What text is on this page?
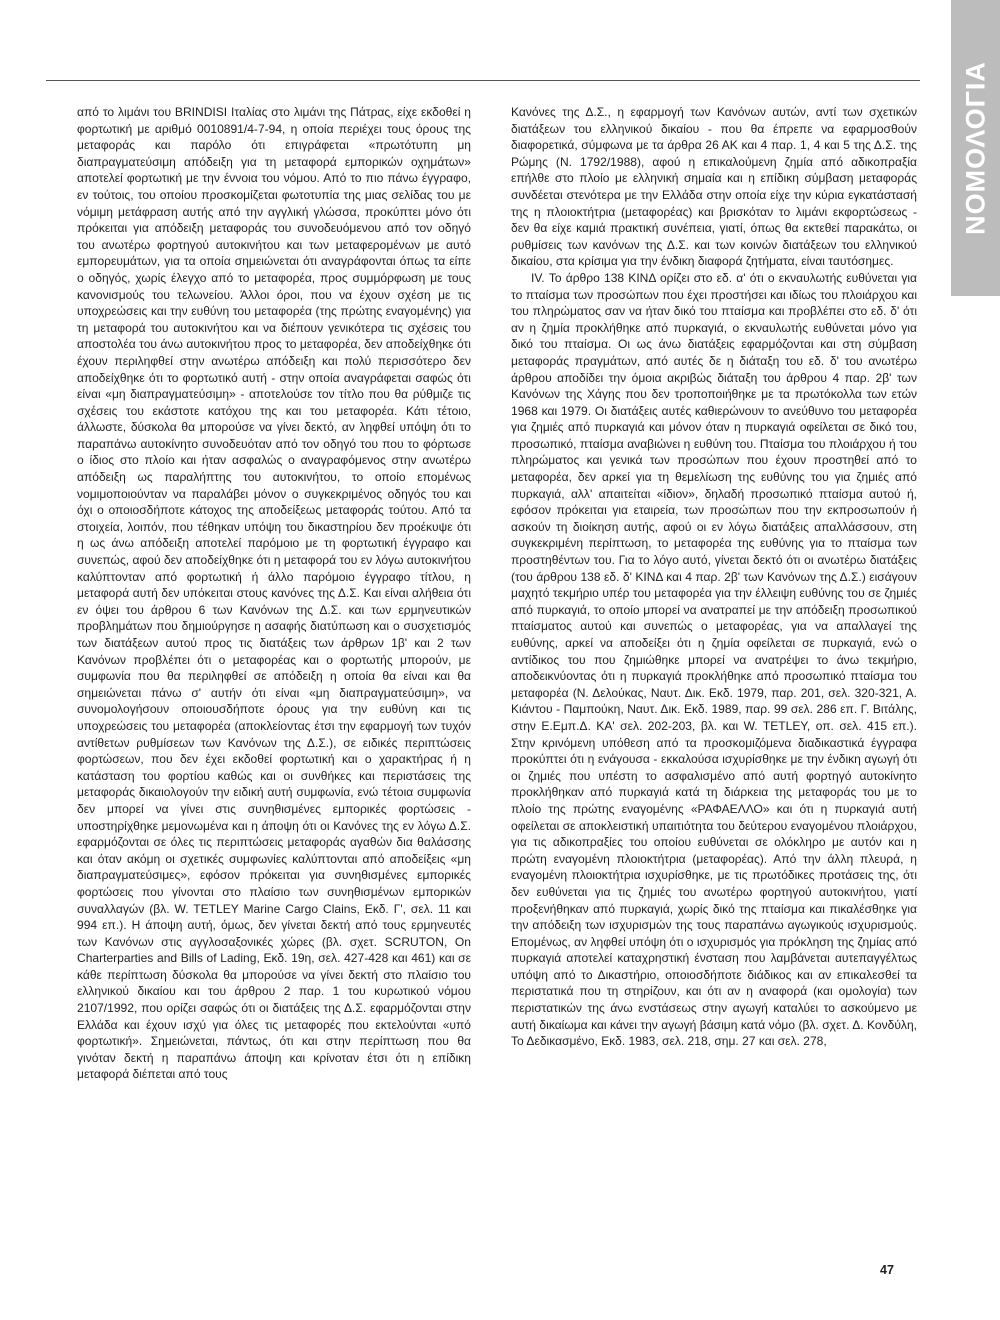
ΝΟΜΟΛΟΓΙΑ

από το λιμάνι του BRINDISI Ιταλίας στο λιμάνι της Πάτρας, είχε εκδοθεί η φορτωτική με αριθμό 0010891/4-7-94, η οποία περιέχει τους όρους της μεταφοράς και παρόλο ότι επιγράφεται «πρωτότυπη μη διαπραγματεύσιμη απόδειξη για τη μεταφορά εμπορικών οχημάτων» αποτελεί φορτωτική με την έννοια του νόμου. Από το πιο πάνω έγγραφο, εν τούτοις, του οποίου προσκομίζεται φωτοτυπία της μιας σελίδας του με νόμιμη μετάφραση αυτής από την αγγλική γλώσσα, προκύπτει μόνο ότι πρόκειται για απόδειξη μεταφοράς του συνοδευόμενου από τον οδηγό του ανωτέρω φορτηγού αυτοκινήτου και των μεταφερομένων με αυτό εμπορευμάτων, για τα οποία σημειώνεται ότι αναγράφονται όπως τα είπε ο οδηγός, χωρίς έλεγχο από το μεταφορέα, προς συμμόρφωση με τους κανονισμούς του τελωνείου. Άλλοι όροι, που να έχουν σχέση με τις υποχρεώσεις και την ευθύνη του μεταφορέα (της πρώτης εναγομένης) για τη μεταφορά του αυτοκινήτου και να διέπουν γενικότερα τις σχέσεις του αποστολέα του άνω αυτοκινήτου προς το μεταφορέα, δεν αποδείχθηκε ότι έχουν περιληφθεί στην ανωτέρω απόδειξη και πολύ περισσότερο δεν αποδείχθηκε ότι το φορτωτικό αυτή - στην οποία αναγράφεται σαφώς ότι είναι «μη διαπραγματεύσιμη» - αποτελούσε τον τίτλο που θα ρύθμιζε τις σχέσεις του εκάστοτε κατόχου της και του μεταφορέα. Κάτι τέτοιο, άλλωστε, δύσκολα θα μπορούσε να γίνει δεκτό, αν ληφθεί υπόψη ότι το παραπάνω αυτοκίνητο συνοδευόταν από τον οδηγό του που το φόρτωσε ο ίδιος στο πλοίο και ήταν ασφαλώς ο αναγραφόμενος στην ανωτέρω απόδειξη ως παραλήπτης του αυτοκινήτου, το οποίο επομένως νομιμοποιούνταν να παραλάβει μόνον ο συγκεκριμένος οδηγός του και όχι ο οποιοσδήποτε κάτοχος της αποδείξεως μεταφοράς τούτου. Από τα στοιχεία, λοιπόν, που τέθηκαν υπόψη του δικαστηρίου δεν προέκυψε ότι η ως άνω απόδειξη αποτελεί παρόμοιο με τη φορτωτική έγγραφο και συνεπώς, αφού δεν αποδείχθηκε ότι η μεταφορά του εν λόγω αυτοκινήτου καλύπτονταν από φορτωτική ή άλλο παρόμοιο έγγραφο τίτλου, η μεταφορά αυτή δεν υπόκειται στους κανόνες της Δ.Σ. Και είναι αλήθεια ότι εν όψει του άρθρου 6 των Κανόνων της Δ.Σ. και των ερμηνευτικών προβλημάτων που δημιούργησε η ασαφής διατύπωση και ο συσχετισμός των διατάξεων αυτού προς τις διατάξεις των άρθρων 1β' και 2 των Κανόνων προβλέπει ότι ο μεταφορέας και ο φορτωτής μπορούν, με συμφωνία που θα περιληφθεί σε απόδειξη η οποία θα είναι και θα σημειώνεται πάνω σ' αυτήν ότι είναι «μη διαπραγματεύσιμη», να συνομολογήσουν οποιουσδήποτε όρους για την ευθύνη και τις υποχρεώσεις του μεταφορέα (αποκλείοντας έτσι την εφαρμογή των τυχόν αντίθετων ρυθμίσεων των Κανόνων της Δ.Σ.), σε ειδικές περιπτώσεις φορτώσεων, που δεν έχει εκδοθεί φορτωτική και ο χαρακτήρας ή η κατάσταση του φορτίου καθώς και οι συνθήκες και περιστάσεις της μεταφοράς δικαιολογούν την ειδική αυτή συμφωνία, ενώ τέτοια συμφωνία δεν μπορεί να γίνει στις συνηθισμένες εμπορικές φορτώσεις - υποστηρίχθηκε μεμονωμένα και η άποψη ότι οι Κανόνες της εν λόγω Δ.Σ. εφαρμόζονται σε όλες τις περιπτώσεις μεταφοράς αγαθών δια θαλάσσης και όταν ακόμη οι σχετικές συμφωνίες καλύπτονται από αποδείξεις «μη διαπραγματεύσιμες», εφόσον πρόκειται για συνηθισμένες εμπορικές φορτώσεις που γίνονται στο πλαίσιο των συνηθισμένων εμπορικών συναλλαγών (βλ. W. TETLEY Marine Cargo Clains, Εκδ. Γ', σελ. 11 και 994 επ.). Η άποψη αυτή, όμως, δεν γίνεται δεκτή από τους ερμηνευτές των Κανόνων στις αγγλοσαξονικές χώρες (βλ. σχετ. SCRUTON, On Charterparties and Bills of Lading, Εκδ. 19η, σελ. 427-428 και 461) και σε κάθε περίπτωση δύσκολα θα μπορούσε να γίνει δεκτή στο πλαίσιο του ελληνικού δικαίου και του άρθρου 2 παρ. 1 του κυρωτικού νόμου 2107/1992, που ορίζει σαφώς ότι οι διατάξεις της Δ.Σ. εφαρμόζονται στην Ελλάδα και έχουν ισχύ για όλες τις μεταφορές που εκτελούνται «υπό φορτωτική». Σημειώνεται, πάντως, ότι και στην περίπτωση που θα γινόταν δεκτή η παραπάνω άποψη και κρίνοταν έτσι ότι η επίδικη μεταφορά διέπεται από τους

Κανόνες της Δ.Σ., η εφαρμογή των Κανόνων αυτών, αντί των σχετικών διατάξεων του ελληνικού δικαίου - που θα έπρεπε να εφαρμοσθούν διαφορετικά, σύμφωνα με τα άρθρα 26 ΑΚ και 4 παρ. 1, 4 και 5 της Δ.Σ. της Ρώμης (Ν. 1792/1988), αφού η επικαλούμενη ζημία από αδικοπραξία επήλθε στο πλοίο με ελληνική σημαία και η επίδικη σύμβαση μεταφοράς συνδέεται στενότερα με την Ελλάδα στην οποία είχε την κύρια εγκατάστασή της η πλοιοκτήτρια (μεταφορέας) και βρισκόταν το λιμάνι εκφορτώσεως - δεν θα είχε καμιά πρακτική συνέπεια, γιατί, όπως θα εκτεθεί παρακάτω, οι ρυθμίσεις των κανόνων της Δ.Σ. και των κοινών διατάξεων του ελληνικού δικαίου, στα κρίσιμα για την ένδικη διαφορά ζητήματα, είναι ταυτόσημες.

IV. Το άρθρο 138 ΚΙΝΔ ορίζει στο εδ. α' ότι ο εκναυλωτής ευθύνεται για το πταίσμα των προσώπων που έχει προστήσει και ιδίως του πλοιάρχου και του πληρώματος σαν να ήταν δικό του πταίσμα και προβλέπει στο εδ. δ' ότι αν η ζημία προκλήθηκε από πυρκαγιά, ο εκναυλωτής ευθύνεται μόνο για δικό του πταίσμα. Οι ως άνω διατάξεις εφαρμόζονται και στη σύμβαση μεταφοράς πραγμάτων, από αυτές δε η διάταξη του εδ. δ' του ανωτέρω άρθρου αποδίδει την όμοια ακριβώς διάταξη του άρθρου 4 παρ. 2β' των Κανόνων της Χάγης που δεν τροποποιήθηκε με τα πρωτόκολλα των ετών 1968 και 1979. Οι διατάξεις αυτές καθιερώνουν το ανεύθυνο του μεταφορέα για ζημιές από πυρκαγιά και μόνον όταν η πυρκαγιά οφείλεται σε δικό του, προσωπικό, πταίσμα αναβιώνει η ευθύνη του. Πταίσμα του πλοιάρχου ή του πληρώματος και γενικά των προσώπων που έχουν προστηθεί από το μεταφορέα, δεν αρκεί για τη θεμελίωση της ευθύνης του για ζημιές από πυρκαγιά, αλλ' απαιτείται «ίδιον», δηλαδή προσωπικό πταίσμα αυτού ή, εφόσον πρόκειται για εταιρεία, των προσώπων που την εκπροσωπούν ή ασκούν τη διοίκηση αυτής, αφού οι εν λόγω διατάξεις απαλλάσσουν, στη συγκεκριμένη περίπτωση, το μεταφορέα της ευθύνης για το πταίσμα των προστηθέντων του. Για το λόγο αυτό, γίνεται δεκτό ότι οι ανωτέρω διατάξεις (του άρθρου 138 εδ. δ' ΚΙΝΔ και 4 παρ. 2β' των Κανόνων της Δ.Σ.) εισάγουν μαχητό τεκμήριο υπέρ του μεταφορέα για την έλλειψη ευθύνης του σε ζημιές από πυρκαγιά, το οποίο μπορεί να ανατραπεί με την απόδειξη προσωπικού πταίσματος αυτού και συνεπώς ο μεταφορέας, για να απαλλαγεί της ευθύνης, αρκεί να αποδείξει ότι η ζημία οφείλεται σε πυρκαγιά, ενώ ο αντίδικος του που ζημιώθηκε μπορεί να ανατρέψει το άνω τεκμήριο, αποδεικνύοντας ότι η πυρκαγιά προκλήθηκε από προσωπικό πταίσμα του μεταφορέα (Ν. Δελούκας, Ναυτ. Δικ. Εκδ. 1979, παρ. 201, σελ. 320-321, Α. Κιάντου - Παμπούκη, Ναυτ. Δικ. Εκδ. 1989, παρ. 99 σελ. 286 επ. Γ. Βιτάλης, στην Ε.Εμπ.Δ. ΚΑ' σελ. 202-203, βλ. και W. TETLEY, οπ. σελ. 415 επ.). Στην κρινόμενη υπόθεση από τα προσκομιζόμενα διαδικαστικά έγγραφα προκύπτει ότι η ενάγουσα - εκκαλούσα ισχυρίσθηκε με την ένδικη αγωγή ότι οι ζημιές που υπέστη το ασφαλισμένο από αυτή φορτηγό αυτοκίνητο προκλήθηκαν από πυρκαγιά κατά τη διάρκεια της μεταφοράς του με το πλοίο της πρώτης εναγομένης «ΡΑΦΑΕΛΛΟ» και ότι η πυρκαγιά αυτή οφείλεται σε αποκλειστική υπαιτιότητα του δεύτερου εναγομένου πλοιάρχου, για τις αδικοπραξίες του οποίου ευθύνεται σε ολόκληρο με αυτόν και η πρώτη εναγομένη πλοιοκτήτρια (μεταφορέας). Από την άλλη πλευρά, η εναγομένη πλοιοκτήτρια ισχυρίσθηκε, με τις πρωτόδικες προτάσεις της, ότι δεν ευθύνεται για τις ζημιές του ανωτέρω φορτηγού αυτοκινήτου, γιατί προξενήθηκαν από πυρκαγιά, χωρίς δικό της πταίσμα και πικαλέσθηκε για την απόδειξη των ισχυρισμών της τους παραπάνω αγωγικούς ισχυρισμούς. Επομένως, αν ληφθεί υπόψη ότι ο ισχυρισμός για πρόκληση της ζημίας από πυρκαγιά αποτελεί καταχρηστική ένσταση που λαμβάνεται αυτεπαγγέλτως υπόψη από το Δικαστήριο, οποιοσδήποτε διάδικος και αν επικαλεσθεί τα περιστατικά που τη στηρίζουν, και ότι αν η αναφορά (και ομολογία) των περιστατικών της άνω ενστάσεως στην αγωγή καταλύει το ασκούμενο με αυτή δικαίωμα και κάνει την αγωγή βάσιμη κατά νόμο (βλ. σχετ. Δ. Κονδύλη, Το Δεδικασμένο, Εκδ. 1983, σελ. 218, σημ. 27 και σελ. 278,

47
